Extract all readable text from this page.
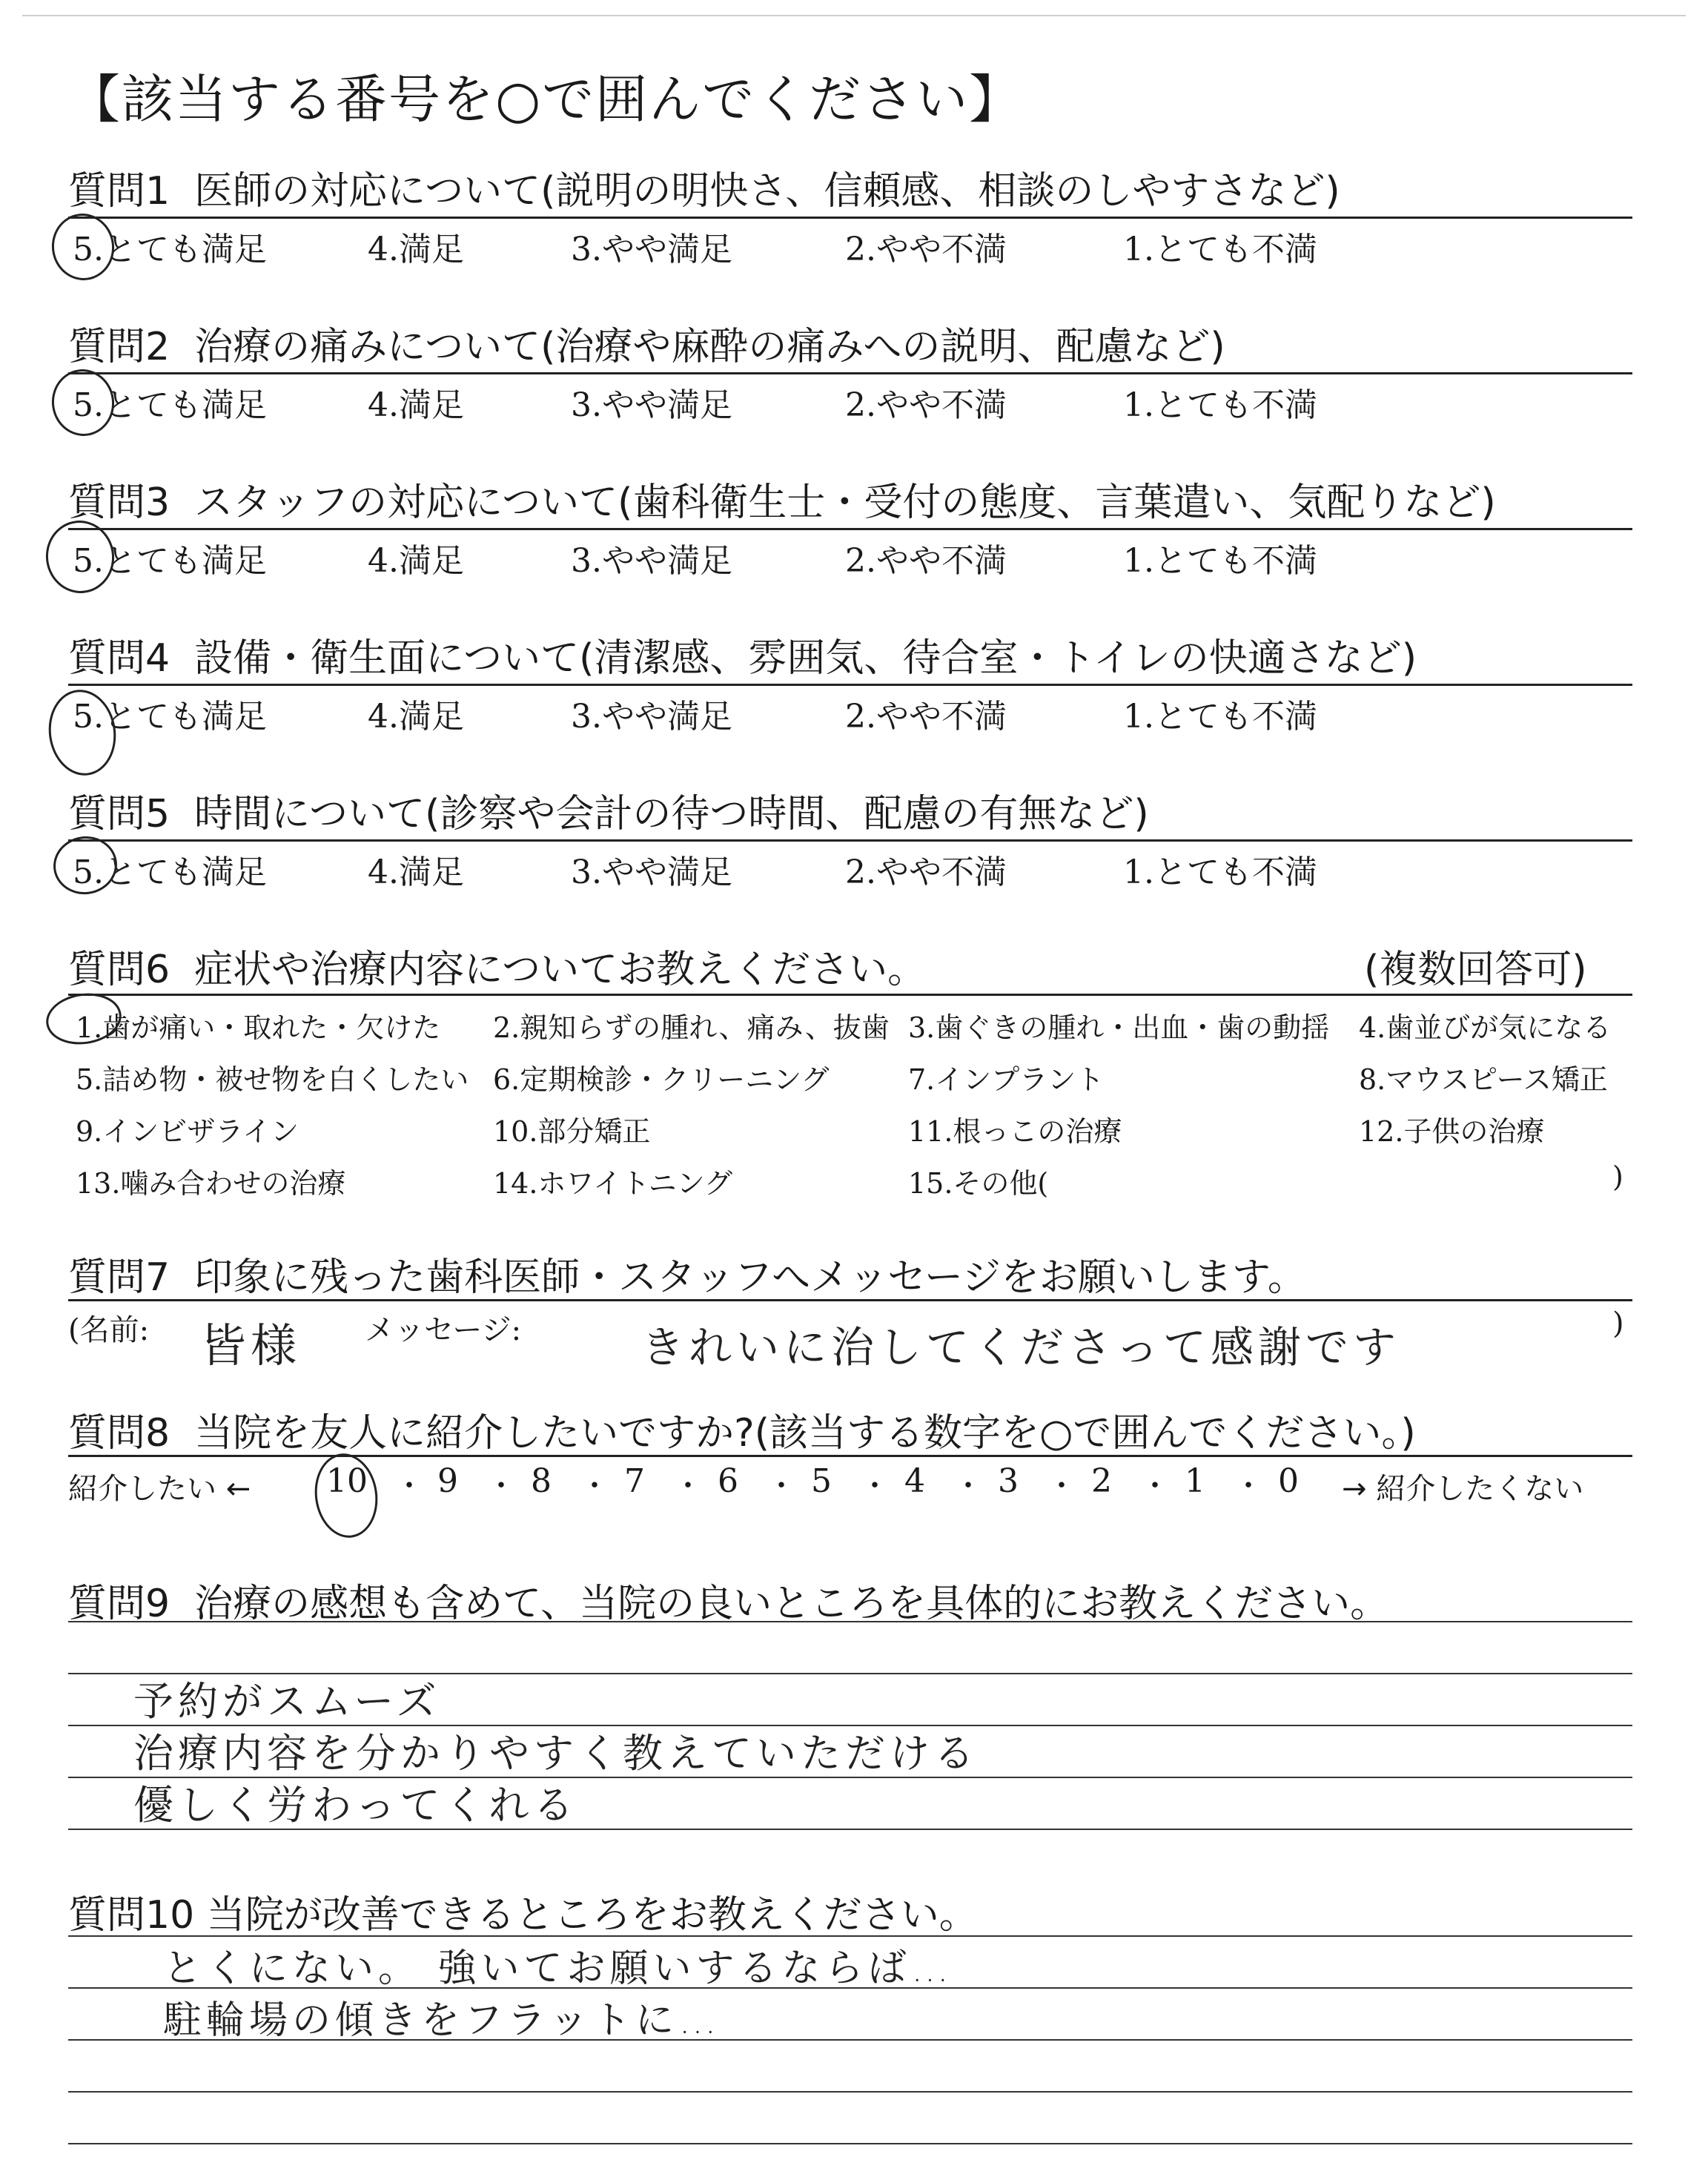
【該当する番号を○で囲んでください】
質問1 医師の対応について(説明の明快さ、信頼感、相談のしやすさなど)
5.とても満足	4.満足	3.やや満足	2.やや不満	1.とても不満
質問2 治療の痛みについて(治療や麻酔の痛みへの説明、配慮など)
5.とても満足	4.満足	3.やや満足	2.やや不満	1.とても不満
質問3 スタッフの対応について(歯科衛生士・受付の態度、言葉遣い、気配りなど)
5.とても満足	4.満足	3.やや満足	2.やや不満	1.とても不満
質問4 設備・衛生面について(清潔感、雰囲気、待合室・トイレの快適さなど)
5.とても満足	4.満足	3.やや満足	2.やや不満	1.とても不満
質問5 時間について(診察や会計の待つ時間、配慮の有無など)
5.とても満足	4.満足	3.やや満足	2.やや不満	1.とても不満
質問6 症状や治療内容についてお教えください。	(複数回答可)
1.歯が痛い・取れた・欠けた 2.親知らずの腫れ、痛み、抜歯 3.歯ぐきの腫れ・出血・歯の動揺 4.歯並びが気になる
5.詰め物・被せ物を白くしたい 6.定期検診・クリーニング	7.インプラント	8.マウスピース矯正
9.インビザライン	10.部分矯正	11.根っこの治療	12.子供の治療
13.噛み合わせの治療	14.ホワイトニング	15.その他(	)
質問7 印象に残った歯科医師・スタッフへメッセージをお願いします。
(名前: 皆様 メッセージ:	きれいに治してくださって感謝です	)
質問8 当院を友人に紹介したいですか?(該当する数字を○で囲んでください。)
紹介したい ←	→ 紹介したくない
10 ・ 9 ・ 8 ・ 7 ・ 6 ・ 5 ・ 4 ・ 3 ・ 2 ・ 1 ・ 0
質問9 治療の感想も含めて、当院の良いところを具体的にお教えください。
予約がスムーズ
治療内容を分かりやすく教えていただける
優しく労わってくれる
質問10 当院が改善できるところをお教えください。
とくにない。 強いてお願いするならば…
駐輪場の傾きをフラットに…
